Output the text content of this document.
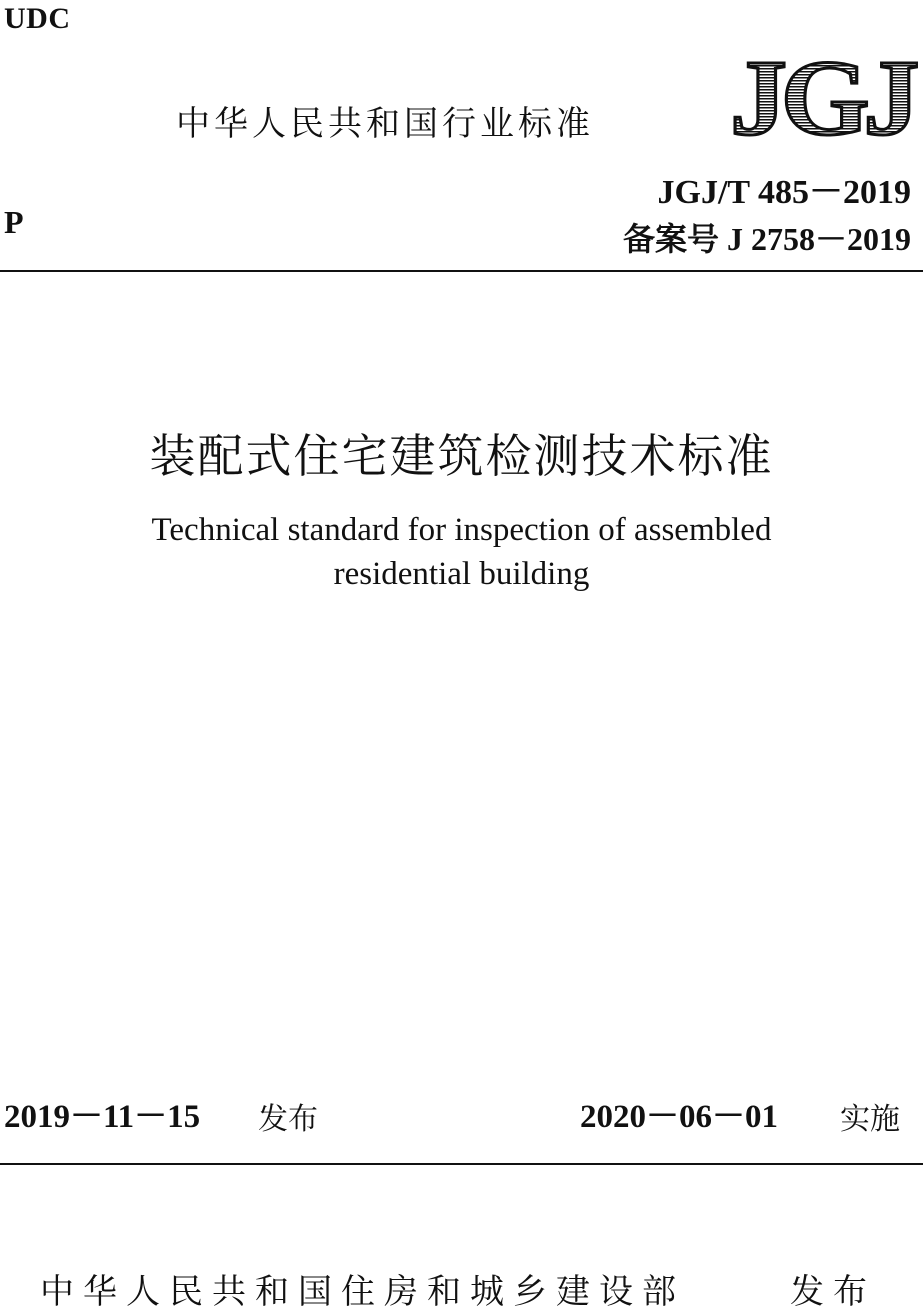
UDC
中华人民共和国行业标准 JGJ
P
JGJ/T 485－2019
备案号 J 2758－2019
装配式住宅建筑检测技术标准
Technical standard for inspection of assembled
residential building
2019－11－15 发布	2020－06－01 实施
中华人民共和国住房和城乡建设部	发布
